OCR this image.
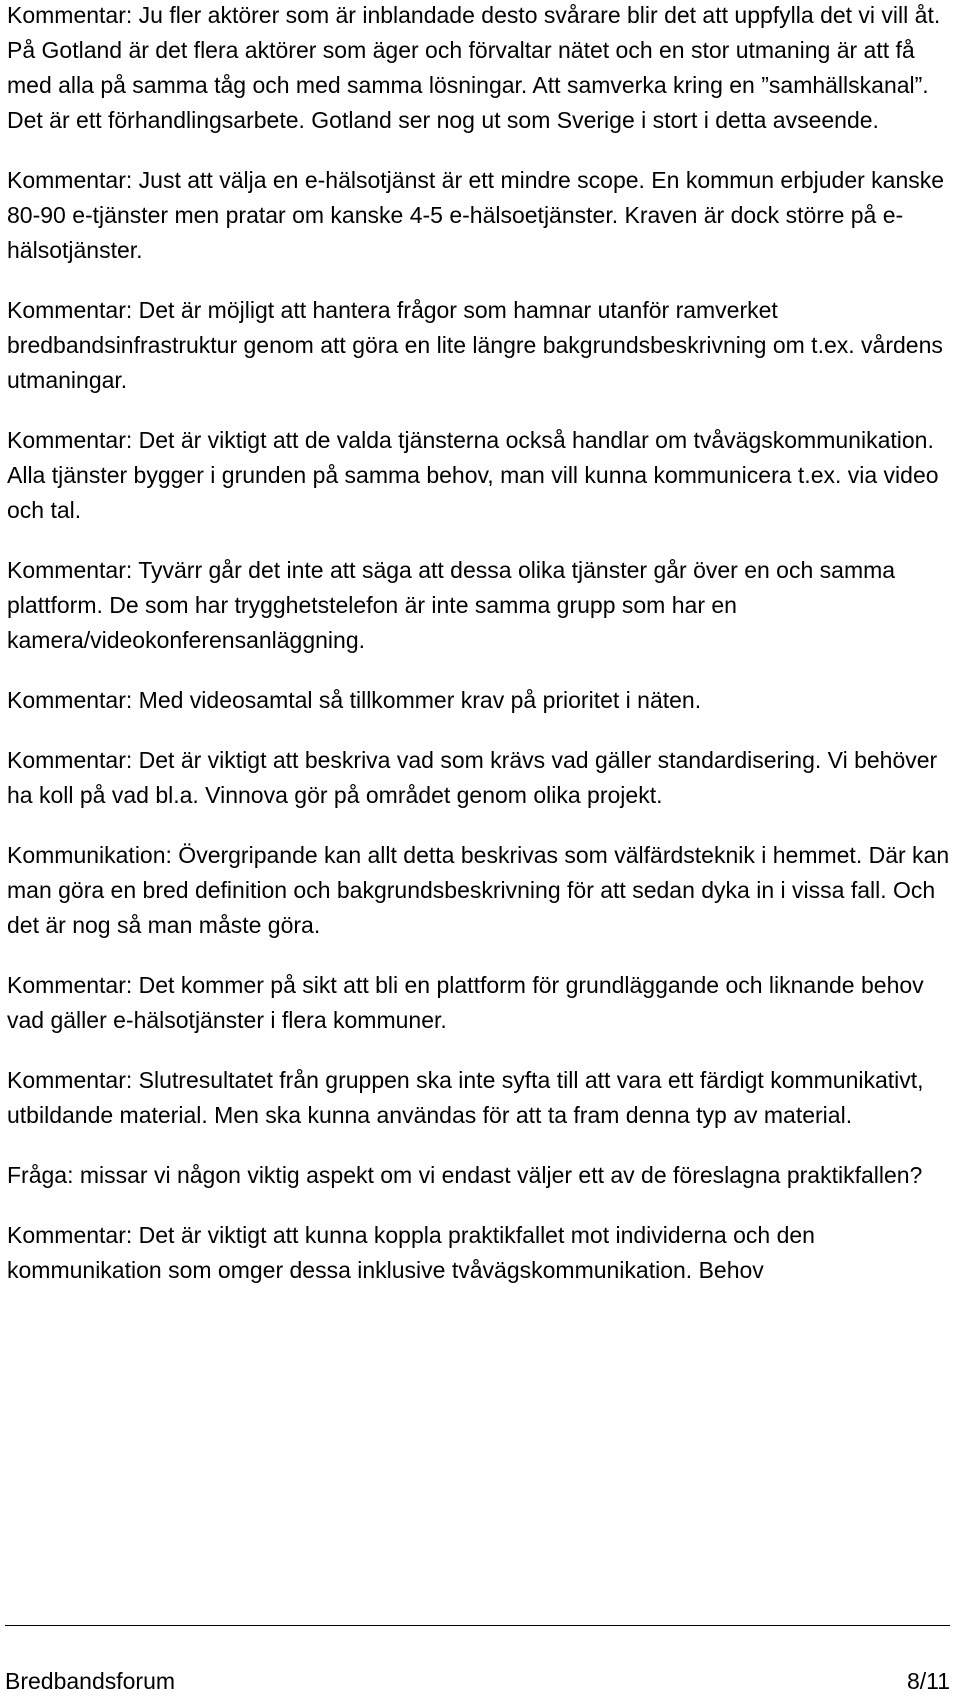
Kommentar: Ju fler aktörer som är inblandade desto svårare blir det att uppfylla det vi vill åt. På Gotland är det flera aktörer som äger och förvaltar nätet och en stor utmaning är att få med alla på samma tåg och med samma lösningar. Att samverka kring en ”samhällskanal”. Det är ett förhandlingsarbete. Gotland ser nog ut som Sverige i stort i detta avseende.

Kommentar: Just att välja en e-hälsotjänst är ett mindre scope. En kommun erbjuder kanske 80-90 e-tjänster men pratar om kanske 4-5 e-hälsoetjänster. Kraven är dock större på e-hälsotjänster.

Kommentar: Det är möjligt att hantera frågor som hamnar utanför ramverket bredbandsinfrastruktur genom att göra en lite längre bakgrundsbeskrivning om t.ex. vårdens utmaningar.

Kommentar: Det är viktigt att de valda tjänsterna också handlar om tvåvägskommunikation. Alla tjänster bygger i grunden på samma behov, man vill kunna kommunicera t.ex. via video och tal.

Kommentar: Tyvärr går det inte att säga att dessa olika tjänster går över en och samma plattform. De som har trygghetstelefon är inte samma grupp som har en kamera/videokonferensanläggning.

Kommentar: Med videosamtal så tillkommer krav på prioritet i näten.

Kommentar: Det är viktigt att beskriva vad som krävs vad gäller standardisering. Vi behöver ha koll på vad bl.a. Vinnova gör på området genom olika projekt.

Kommunikation: Övergripande kan allt detta beskrivas som välfärdsteknik i hemmet. Där kan man göra en bred definition och bakgrundsbeskrivning för att sedan dyka in i vissa fall. Och det är nog så man måste göra.

Kommentar: Det kommer på sikt att bli en plattform för grundläggande och liknande behov vad gäller e-hälsotjänster i flera kommuner.

Kommentar: Slutresultatet från gruppen ska inte syfta till att vara ett färdigt kommunikativt, utbildande material. Men ska kunna användas för att ta fram denna typ av material.

Fråga: missar vi någon viktig aspekt om vi endast väljer ett av de föreslagna praktikfallen?

Kommentar: Det är viktigt att kunna koppla praktikfallet mot individerna och den kommunikation som omger dessa inklusive tvåvägskommunikation. Behov

Bredbandsforum	8/11
